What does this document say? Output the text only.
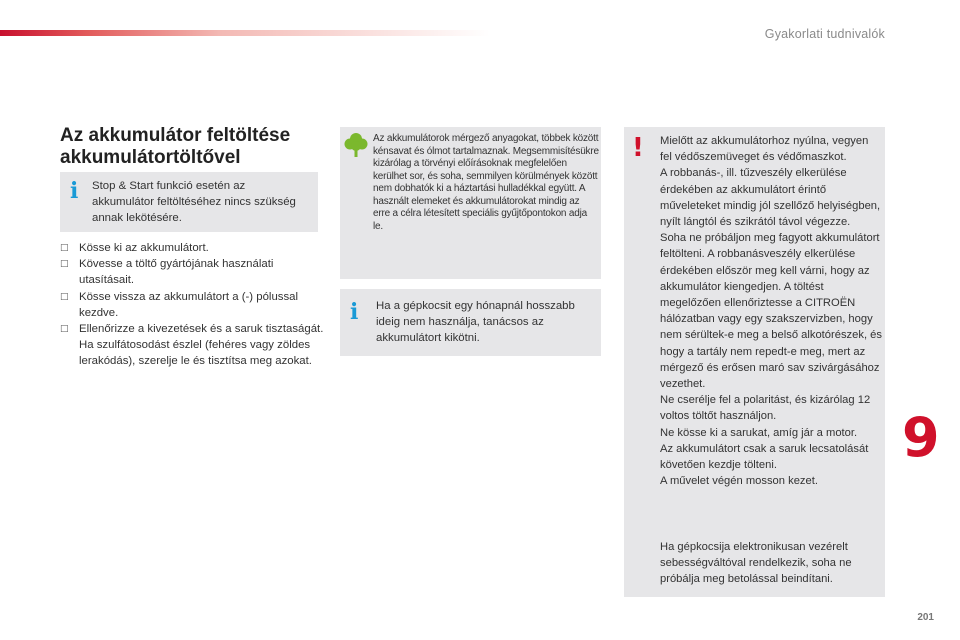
Gyakorlati tudnivalók
Az akkumulátor feltöltése akkumulátortöltővel
i Stop & Start funkció esetén az akkumulátor feltöltéséhez nincs szükség annak lekötésére.

□ Kösse ki az akkumulátort.
□ Kövesse a töltő gyártójának használati utasításait.
□ Kösse vissza az akkumulátort a (-) pólussal kezdve.
□ Ellenőrizze a kivezetések és a saruk tisztaságát. Ha szulfátosodást észlel (fehéres vagy zöldes lerakódás), szerelje le és tisztítsa meg azokat.

Az akkumulátorok mérgező anyagokat, többek között kénsavat és ólmot tartalmaznak. Megsemmisítésükre kizárólag a törvényi előírásoknak megfelelően kerülhet sor, és soha, semmilyen körülmények között nem dobhatók ki a háztartási hulladékkal együtt. A használt elemeket és akkumulátorokat mindig az erre a célra létesített speciális gyűjtőpontokon adja le.

i Ha a gépkocsit egy hónapnál hosszabb ideig nem használja, tanácsos az akkumulátort kikötni.

! Mielőtt az akkumulátorhoz nyúlna, vegyen fel védőszemüveget és védőmaszkot.
A robbanás-, ill. tűzveszély elkerülése érdekében az akkumulátort érintő műveleteket mindig jól szellőző helyiségben, nyílt lángtól és szikrától távol végezze.
Soha ne próbáljon meg fagyott akkumulátort feltölteni. A robbanásveszély elkerülése érdekében először meg kell várni, hogy az akkumulátor kiengedjen. A töltést megelőzően ellenőriztesse a CITROËN hálózatban vagy egy szakszervizben, hogy nem sérültek-e meg a belső alkotórészek, és hogy a tartály nem repedt-e meg, mert az mérgező és erősen maró sav szivárgásához vezethet.
Ne cserélje fel a polaritást, és kizárólag 12 voltos töltőt használjon.
Ne kösse ki a sarukat, amíg jár a motor.
Az akkumulátort csak a saruk lecsatolását követően kezdje tölteni.
A művelet végén mosson kezet.

Ha gépkocsija elektronikusan vezérelt sebességváltóval rendelkezik, soha ne próbálja meg betolással beindítani.

9
201
